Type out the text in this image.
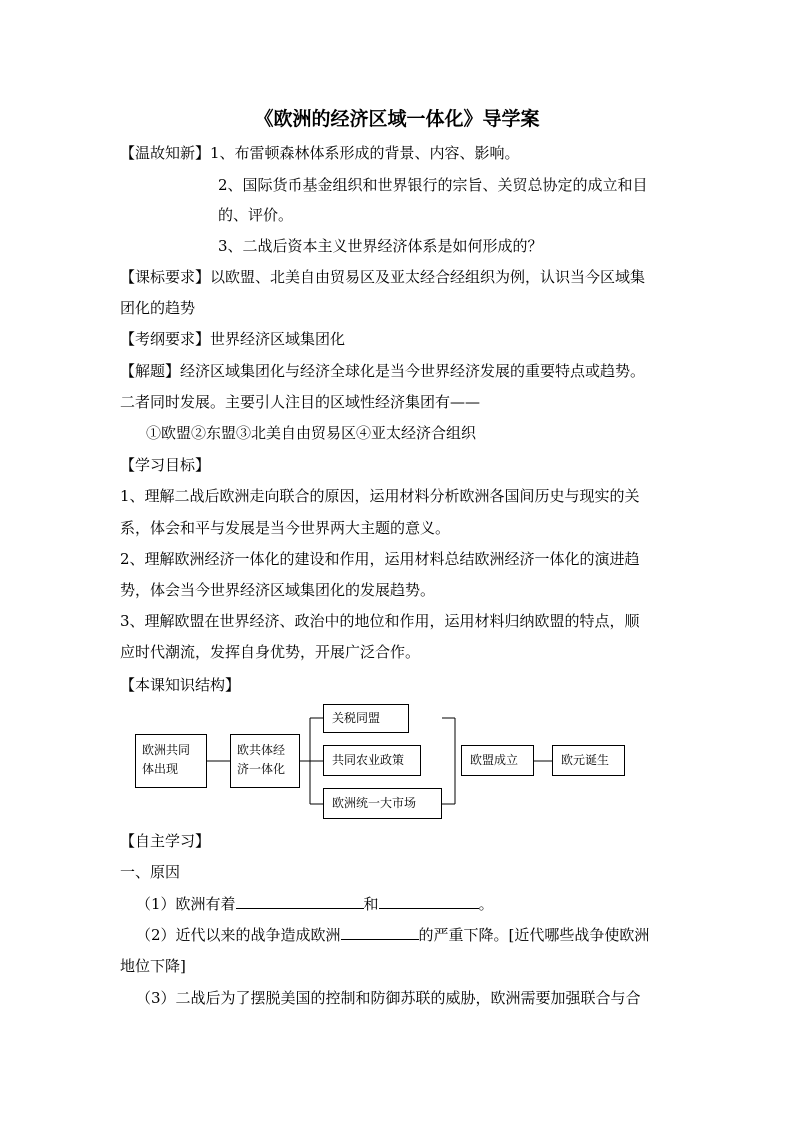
《欧洲的经济区域一体化》导学案
【温故知新】1、布雷顿森林体系形成的背景、内容、影响。
2、国际货币基金组织和世界银行的宗旨、关贸总协定的成立和目
的、评价。
3、二战后资本主义世界经济体系是如何形成的？
【课标要求】以欧盟、北美自由贸易区及亚太经合经组织为例，认识当今区域集
团化的趋势
【考纲要求】世界经济区域集团化
【解题】经济区域集团化与经济全球化是当今世界经济发展的重要特点或趋势。
二者同时发展。主要引人注目的区域性经济集团有——
①欧盟②东盟③北美自由贸易区④亚太经济合组织
【学习目标】
1、理解二战后欧洲走向联合的原因，运用材料分析欧洲各国间历史与现实的关
系，体会和平与发展是当今世界两大主题的意义。
2、理解欧洲经济一体化的建设和作用，运用材料总结欧洲经济一体化的演进趋
势，体会当今世界经济区域集团化的发展趋势。
3、理解欧盟在世界经济、政治中的地位和作用，运用材料归纳欧盟的特点，顺
应时代潮流，发挥自身优势，开展广泛合作。
【本课知识结构】
欧洲共同
体出现
欧共体经
济一体化
关税同盟
共同农业政策
欧洲统一大市场
欧盟成立	欧元诞生
【自主学习】
一、原因
（1）欧洲有着	和	。
（2）近代以来的战争造成欧洲	的严重下降。[近代哪些战争使欧洲
地位下降]
（3）二战后为了摆脱美国的控制和防御苏联的威胁，欧洲需要加强联合与合
